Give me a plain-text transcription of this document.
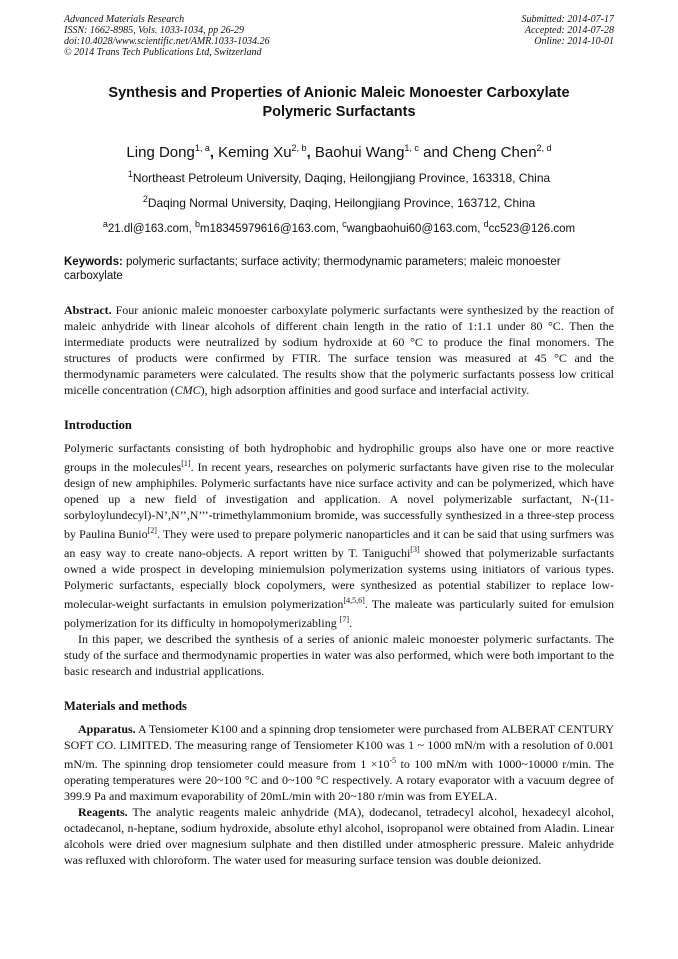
Advanced Materials Research
ISSN: 1662-8985, Vols. 1033-1034, pp 26-29
doi:10.4028/www.scientific.net/AMR.1033-1034.26
© 2014 Trans Tech Publications Ltd, Switzerland
Submitted: 2014-07-17
Accepted: 2014-07-28
Online: 2014-10-01
Synthesis and Properties of Anionic Maleic Monoester Carboxylate
Polymeric Surfactants
Ling Dong$^{1, a}$, Keming Xu$^{2, b}$, Baohui Wang$^{1, c}$ and Cheng Chen$^{2, d}$
$^1$Northeast Petroleum University, Daqing, Heilongjiang Province, 163318, China
$^2$Daqing Normal University, Daqing, Heilongjiang Province, 163712, China
$^a$21.dl@163.com, $^b$m18345979616@163.com, $^c$wangbaohui60@163.com, $^d$cc523@126.com
Keywords: polymeric surfactants; surface activity; thermodynamic parameters; maleic monoester carboxylate
Abstract. Four anionic maleic monoester carboxylate polymeric surfactants were synthesized by the reaction of maleic anhydride with linear alcohols of different chain length in the ratio of 1:1.1 under 80 °C. Then the intermediate products were neutralized by sodium hydroxide at 60 °C to produce the final monomers. The structures of products were confirmed by FTIR. The surface tension was measured at 45 °C and the thermodynamic parameters were calculated. The results show that the polymeric surfactants possess low critical micelle concentration (CMC), high adsorption affinities and good surface and interfacial activity.
Introduction
Polymeric surfactants consisting of both hydrophobic and hydrophilic groups also have one or more reactive groups in the molecules[1]. In recent years, researches on polymeric surfactants have given rise to the molecular design of new amphiphiles. Polymeric surfactants have nice surface activity and can be polymerized, which have opened up a new field of investigation and application. A novel polymerizable surfactant, N-(11-sorbyloylundecyl)-N’,N’’,N’’’-trimethylammonium bromide, was successfully synthesized in a three-step process by Paulina Bunio[2]. They were used to prepare polymeric nanoparticles and it can be said that using surfmers was an easy way to create nano-objects. A report written by T. Taniguchi[3] showed that polymerizable surfactants owned a wide prospect in developing miniemulsion polymerization systems using initiators of various types. Polymeric surfactants, especially block copolymers, were synthesized as potential stabilizer to replace low-molecular-weight surfactants in emulsion polymerization[4,5,6]. The maleate was particularly suited for emulsion polymerization for its difficulty in homopolymerizabling [7].
In this paper, we described the synthesis of a series of anionic maleic monoester polymeric surfactants. The study of the surface and thermodynamic properties in water was also performed, which were both important to the basic research and industrial applications.
Materials and methods
Apparatus. A Tensiometer K100 and a spinning drop tensiometer were purchased from ALBERAT CENTURY SOFT CO. LIMITED. The measuring range of Tensiometer K100 was 1 ~ 1000 mN/m with a resolution of 0.001 mN/m. The spinning drop tensiometer could measure from 1 ×10$^{-5}$ to 100 mN/m with 1000~10000 r/min. The operating temperatures were 20~100 °C and 0~100 °C respectively. A rotary evaporator with a vacuum degree of 399.9 Pa and maximum evaporability of 20mL/min with 20~180 r/min was from EYELA.
Reagents. The analytic reagents maleic anhydride (MA), dodecanol, tetradecyl alcohol, hexadecyl alcohol, octadecanol, n-heptane, sodium hydroxide, absolute ethyl alcohol, isopropanol were obtained from Aladin. Linear alcohols were dried over magnesium sulphate and then distilled under atmospheric pressure. Maleic anhydride was refluxed with chloroform. The water used for measuring surface tension was double deionized.
